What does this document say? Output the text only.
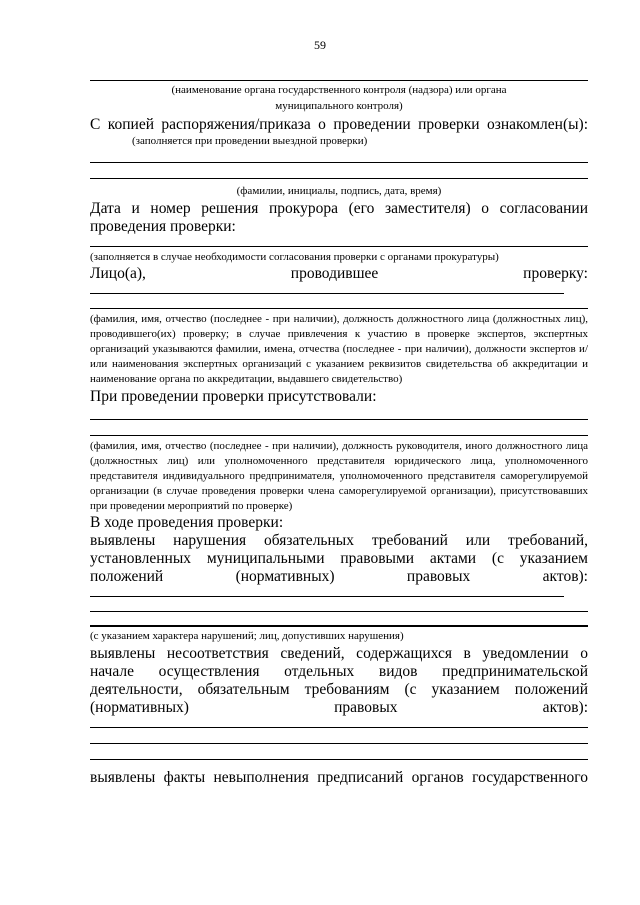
59
(наименование органа государственного контроля (надзора) или органа
муниципального контроля)
С копией распоряжения/приказа о проведении проверки ознакомлен(ы):
(заполняется при проведении выездной проверки)
(фамилии, инициалы, подпись, дата, время)
Дата и номер решения прокурора (его заместителя) о согласовании
проведения проверки:
(заполняется в случае необходимости согласования проверки с органами прокуратуры)
Лицо(а),	проводившее	проверку:
(фамилия, имя, отчество (последнее - при наличии), должность должностного лица (должностных лиц), проводившего(их) проверку; в случае привлечения к участию в проверке экспертов, экспертных организаций указываются фамилии, имена, отчества (последнее - при наличии), должности экспертов и/или наименования экспертных организаций с указанием реквизитов свидетельства об аккредитации и наименование органа по аккредитации, выдавшего свидетельство)
При проведении проверки присутствовали:
(фамилия, имя, отчество (последнее - при наличии), должность руководителя, иного должностного лица (должностных лиц) или уполномоченного представителя юридического лица, уполномоченного представителя индивидуального предпринимателя, уполномоченного представителя саморегулируемой организации (в случае проведения проверки члена саморегулируемой организации), присутствовавших при проведении мероприятий по проверке)
В ходе проведения проверки:
выявлены нарушения обязательных требований или требований, установленных муниципальными правовыми актами (с указанием положений (нормативных) правовых актов):
(с указанием характера нарушений; лиц, допустивших нарушения)
выявлены несоответствия сведений, содержащихся в уведомлении о начале осуществления отдельных видов предпринимательской деятельности, обязательным требованиям (с указанием положений (нормативных) правовых актов):
выявлены факты невыполнения предписаний органов государственного
